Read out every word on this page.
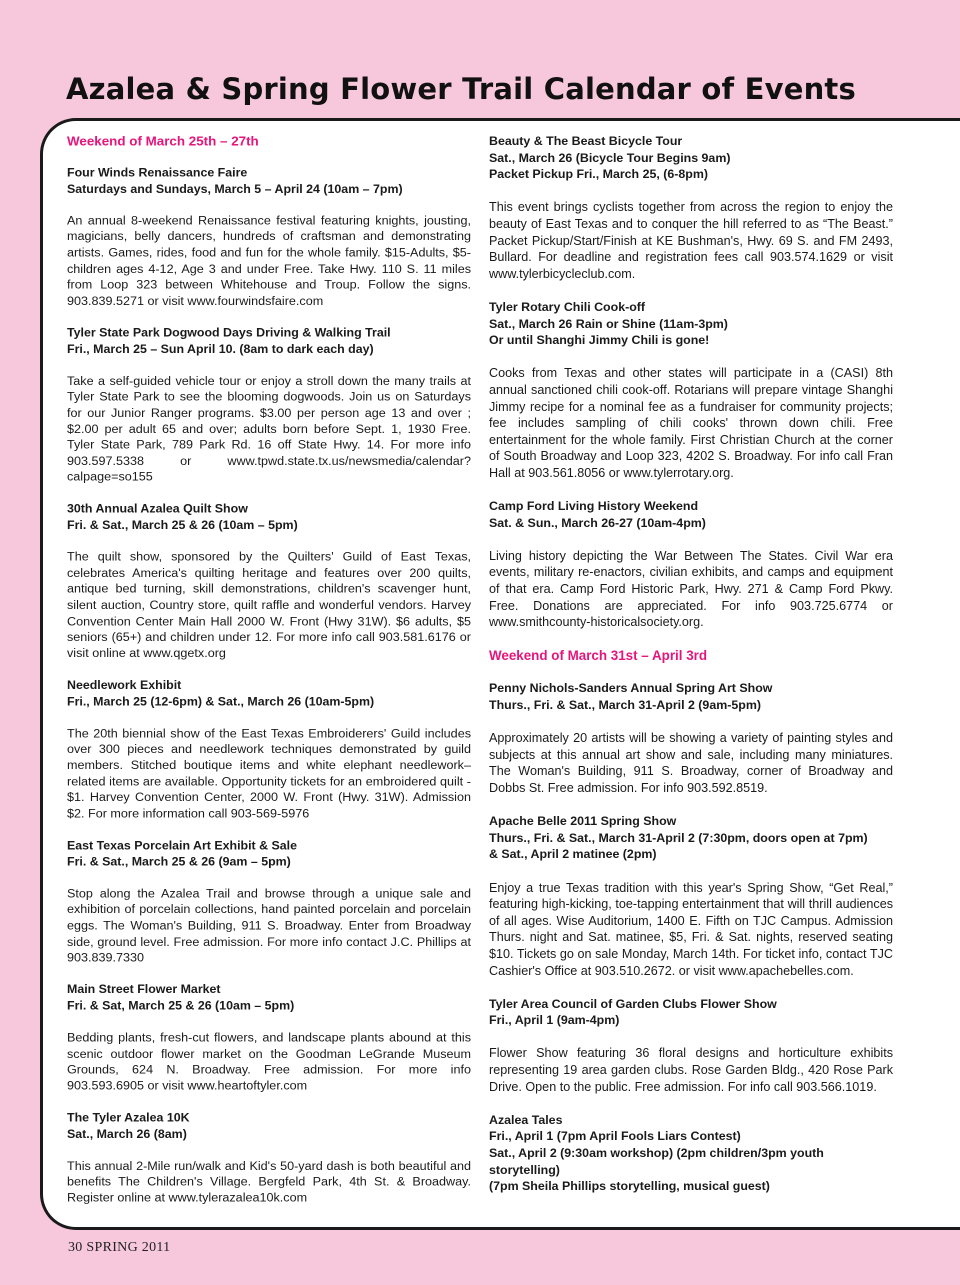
Azalea & Spring Flower Trail Calendar of Events
Weekend of March 25th – 27th
Four Winds Renaissance Faire
Saturdays and Sundays, March 5 – April 24 (10am – 7pm)
An annual 8-weekend Renaissance festival featuring knights, jousting, magicians, belly dancers, hundreds of craftsman and demonstrating artists. Games, rides, food and fun for the whole family. $15-Adults, $5-children ages 4-12, Age 3 and under Free. Take Hwy. 110 S. 11 miles from Loop 323 between Whitehouse and Troup. Follow the signs. 903.839.5271 or visit www.fourwindsfaire.com
Tyler State Park Dogwood Days Driving & Walking Trail
Fri., March 25 – Sun April 10. (8am to dark each day)
Take a self-guided vehicle tour or enjoy a stroll down the many trails at Tyler State Park to see the blooming dogwoods. Join us on Saturdays for our Junior Ranger programs. $3.00 per person age 13 and over ; $2.00 per adult 65 and over; adults born before Sept. 1, 1930 Free. Tyler State Park, 789 Park Rd. 16 off State Hwy. 14. For more info 903.597.5338 or www.tpwd.state.tx.us/newsmedia/calendar?calpage=so155
30th Annual Azalea Quilt Show
Fri. & Sat., March 25 & 26 (10am – 5pm)
The quilt show, sponsored by the Quilters' Guild of East Texas, celebrates America's quilting heritage and features over 200 quilts, antique bed turning, skill demonstrations, children's scavenger hunt, silent auction, Country store, quilt raffle and wonderful vendors. Harvey Convention Center Main Hall 2000 W. Front (Hwy 31W). $6 adults, $5 seniors (65+) and children under 12. For more info call 903.581.6176 or visit online at www.qgetx.org
Needlework Exhibit
Fri., March 25 (12-6pm) & Sat., March 26 (10am-5pm)
The 20th biennial show of the East Texas Embroiderers' Guild includes over 300 pieces and needlework techniques demonstrated by guild members. Stitched boutique items and white elephant needlework–related items are available. Opportunity tickets for an embroidered quilt - $1. Harvey Convention Center, 2000 W. Front (Hwy. 31W). Admission $2. For more information call 903-569-5976
East Texas Porcelain Art Exhibit & Sale
Fri. & Sat., March 25 & 26 (9am – 5pm)
Stop along the Azalea Trail and browse through a unique sale and exhibition of porcelain collections, hand painted porcelain and porcelain eggs. The Woman's Building, 911 S. Broadway. Enter from Broadway side, ground level. Free admission. For more info contact J.C. Phillips at 903.839.7330
Main Street Flower Market
Fri. & Sat, March 25 & 26 (10am – 5pm)
Bedding plants, fresh-cut flowers, and landscape plants abound at this scenic outdoor flower market on the Goodman LeGrande Museum Grounds, 624 N. Broadway. Free admission. For more info 903.593.6905 or visit www.heartoftyler.com
The Tyler Azalea 10K
Sat., March 26 (8am)
This annual 2-Mile run/walk and Kid's 50-yard dash is both beautiful and benefits The Children's Village. Bergfeld Park, 4th St. & Broadway. Register online at www.tylerazalea10k.com
Beauty & The Beast Bicycle Tour
Sat., March 26 (Bicycle Tour Begins 9am)
Packet Pickup Fri., March 25, (6-8pm)
This event brings cyclists together from across the region to enjoy the beauty of East Texas and to conquer the hill referred to as “The Beast.” Packet Pickup/Start/Finish at KE Bushman's, Hwy. 69 S. and FM 2493, Bullard. For deadline and registration fees call 903.574.1629 or visit www.tylerbicycleclub.com.
Tyler Rotary Chili Cook-off
Sat., March 26 Rain or Shine (11am-3pm)
Or until Shanghi Jimmy Chili is gone!
Cooks from Texas and other states will participate in a (CASI) 8th annual sanctioned chili cook-off. Rotarians will prepare vintage Shanghi Jimmy recipe for a nominal fee as a fundraiser for community projects; fee includes sampling of chili cooks' thrown down chili. Free entertainment for the whole family. First Christian Church at the corner of South Broadway and Loop 323, 4202 S. Broadway. For info call Fran Hall at 903.561.8056 or www.tylerrotary.org.
Camp Ford Living History Weekend
Sat. & Sun., March 26-27 (10am-4pm)
Living history depicting the War Between The States. Civil War era events, military re-enactors, civilian exhibits, and camps and equipment of that era. Camp Ford Historic Park, Hwy. 271 & Camp Ford Pkwy. Free. Donations are appreciated. For info 903.725.6774 or www.smithcounty-historicalsociety.org.
Weekend of March 31st – April 3rd
Penny Nichols-Sanders Annual Spring Art Show
Thurs., Fri. & Sat., March 31-April 2 (9am-5pm)
Approximately 20 artists will be showing a variety of painting styles and subjects at this annual art show and sale, including many miniatures. The Woman's Building, 911 S. Broadway, corner of Broadway and Dobbs St. Free admission. For info 903.592.8519.
Apache Belle 2011 Spring Show
Thurs., Fri. & Sat., March 31-April 2 (7:30pm, doors open at 7pm)
& Sat., April 2 matinee (2pm)
Enjoy a true Texas tradition with this year's Spring Show, “Get Real,” featuring high-kicking, toe-tapping entertainment that will thrill audiences of all ages. Wise Auditorium, 1400 E. Fifth on TJC Campus. Admission Thurs. night and Sat. matinee, $5, Fri. & Sat. nights, reserved seating $10. Tickets go on sale Monday, March 14th. For ticket info, contact TJC Cashier's Office at 903.510.2672. or visit www.apachebelles.com.
Tyler Area Council of Garden Clubs Flower Show
Fri., April 1 (9am-4pm)
Flower Show featuring 36 floral designs and horticulture exhibits representing 19 area garden clubs. Rose Garden Bldg., 420 Rose Park Drive. Open to the public. Free admission. For info call 903.566.1019.
Azalea Tales
Fri., April 1 (7pm April Fools Liars Contest)
Sat., April 2 (9:30am workshop) (2pm children/3pm youth storytelling)
(7pm Sheila Phillips storytelling, musical guest)
30 SPRING 2011
